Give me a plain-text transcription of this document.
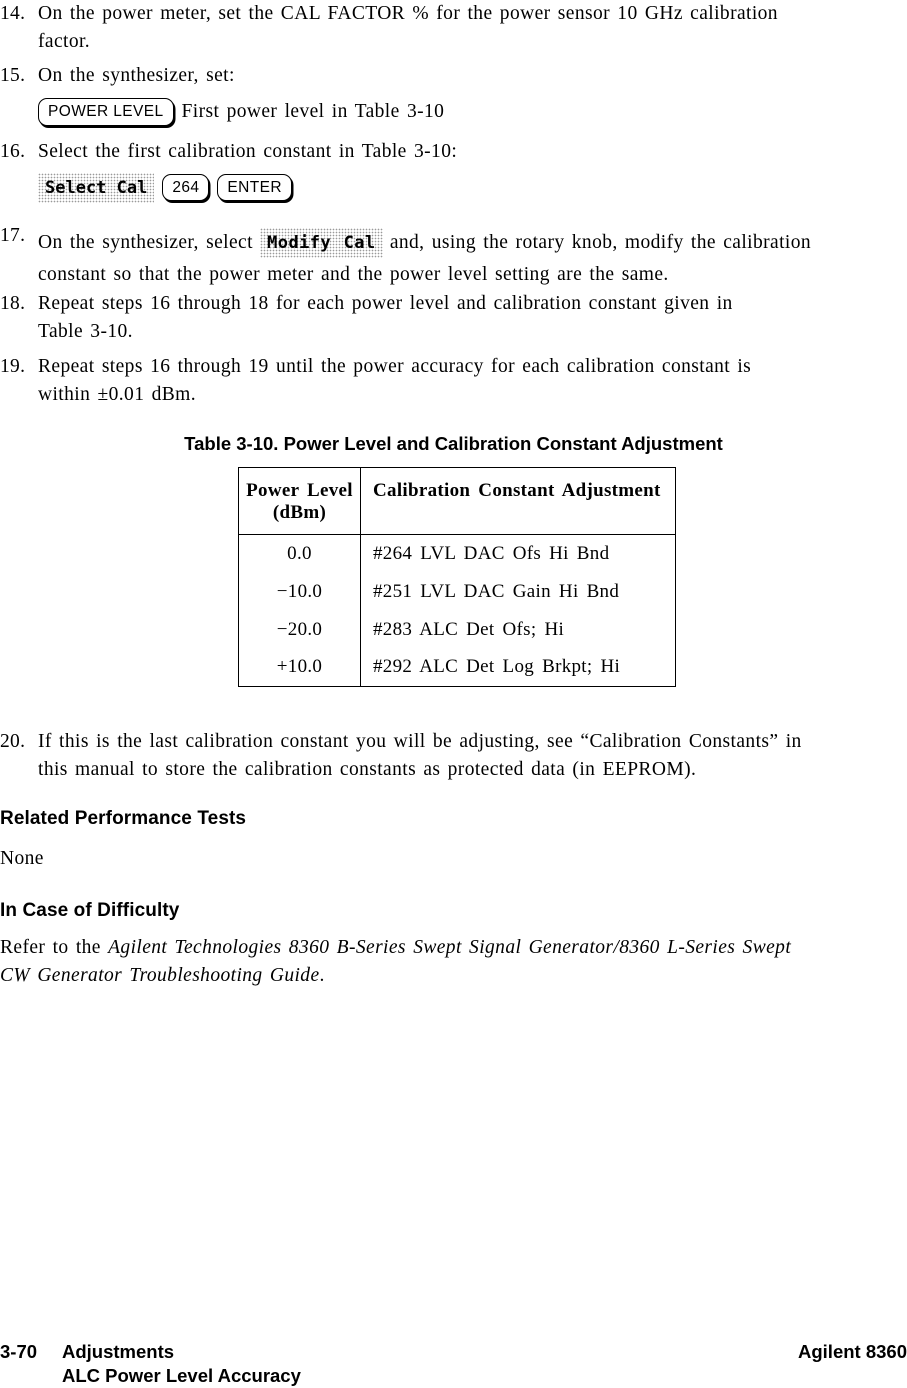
14. On the power meter, set the CAL FACTOR % for the power sensor 10 GHz calibration
factor.
15. On the synthesizer, set:
POWER LEVEL First power level in Table 3-10
16. Select the first calibration constant in Table 3-10:
Select Cal 264 ENTER
17. On the synthesizer, select Modify Cal and, using the rotary knob, modify the calibration
constant so that the power meter and the power level setting are the same.
18. Repeat steps 16 through 18 for each power level and calibration constant given in
Table 3-10.
19. Repeat steps 16 through 19 until the power accuracy for each calibration constant is
within ±0.01 dBm.
Table 3-10. Power Level and Calibration Constant Adjustment
Power Level
(dBm)	Calibration Constant Adjustment
0.0	#264 LVL DAC Ofs Hi Bnd
−10.0	#251 LVL DAC Gain Hi Bnd
−20.0	#283 ALC Det Ofs; Hi
+10.0	#292 ALC Det Log Brkpt; Hi
20. If this is the last calibration constant you will be adjusting, see “Calibration Constants” in
this manual to store the calibration constants as protected data (in EEPROM).
Related Performance Tests
None
In Case of Difficulty
Refer to the Agilent Technologies 8360 B-Series Swept Signal Generator/8360 L-Series Swept
CW Generator Troubleshooting Guide.
3-70	Adjustments
ALC Power Level Accuracy
Agilent 8360
